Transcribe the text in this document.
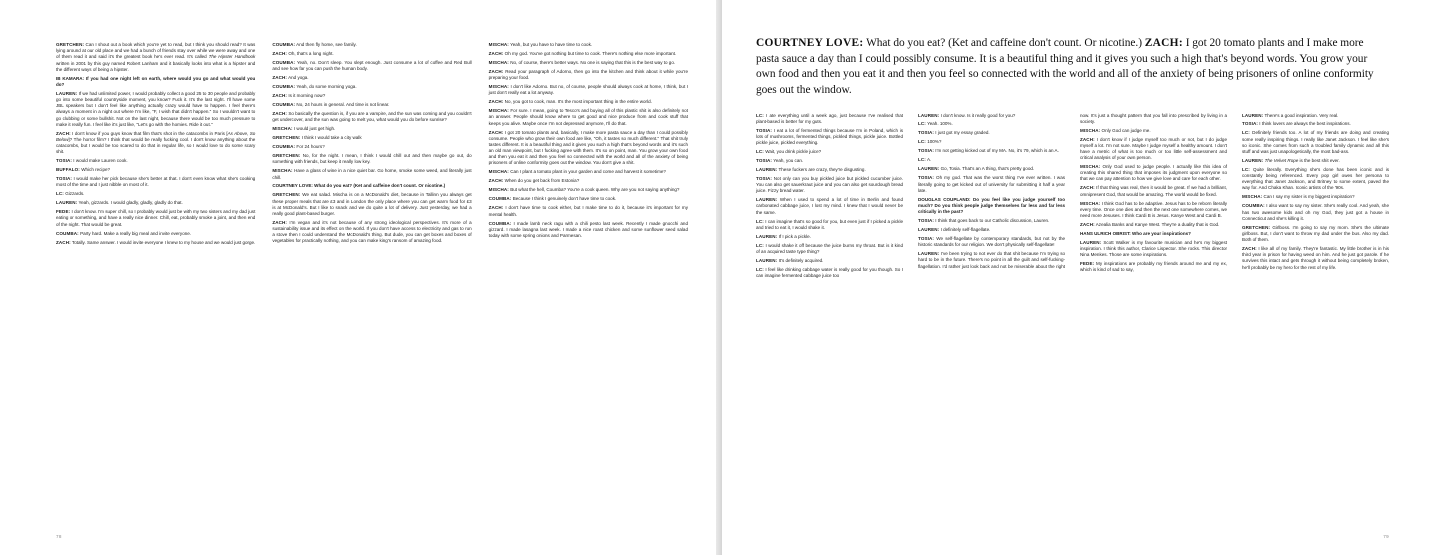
GRETCHEN: Can I shout out a book which you're yet to read, but I think you should read? It was lying around at our old place and we had a bunch of friends stay over while we were away and one of them read it and said it's the greatest book he's ever read. It's called The Hipster Handbook written in 2001 by this guy named Robert Lanham and it basically looks into what is a hipster and the different ways of being a hipster.

IB KAMARA: If you had one night left on earth, where would you go and what would you do?

LAUREN: If we had unlimited power, I would probably collect a good 25 to 30 people and probably go into some beautiful countryside moment, you know? Fuck it. It's the last night. I'll have some JBL speakers but I don't feel like anything actually crazy would have to happen. I feel there's always a moment in a night out where I'm like, "F, I wish that didn't happen." So I wouldn't want to go clubbing or some bullshit. Not on the last night, because there would be too much pressure to make it really fun. I feel like it's just like, "Let's go with the homies. Ride it out."

ZACH: I don't know if you guys know that film that's shot in the catacombs in Paris [As Above, So Below]? The horror film? I think that would be really fucking cool. I don't know anything about the catacombs, but I would be too scared to do that in regular life, so I would love to do some scary shit.

TOSIA: I would make Lauren cook.

BUFFALO: Which recipe?

TOSIA: I would make her pick because she's better at that. I don't even know what she's cooking most of the time and I just nibble on most of it.

LC: Gizzards.

LAUREN: Yeah, gizzards. I would gladly, gladly, gladly do that.

FEDE: I don't know. I'm super chill, so I probably would just be with my two sisters and my dad just eating or something, and have a really nice dinner. Chill, eat, probably smoke a joint, and then end of the night. That would be great.

COUMBA: Party hard. Make a really big meal and invite everyone.

ZACH: Totally. Same answer. I would invite everyone I knew to my house and we would just gorge.

COUMBA: And then fly home, see family.

ZACH: Oh, that's a long night.

COUMBA: Yeah, no. Don't sleep. You slept enough. Just consume a lot of coffee and Red Bull and see how far you can push the human body.

ZACH: And yoga.

COUMBA: Yeah, do some morning yoga.

ZACH: Is it morning now?

COUMBA: No, 24 hours in general. And time is not linear.

ZACH: So basically the question is, if you are a vampire, and the sun was coming and you couldn't get undercover, and the sun was going to melt you, what would you do before sunrise?

MISCHA: I would just get high.

GRETCHEN: I think I would take a city walk

COUMBA: For 24 hours?

GRETCHEN: No, for the night. I mean, I think I would chill out and then maybe go out, do something with friends, but keep it really low key.

MISCHA: Have a glass of wine in a nice quiet bar. Go home, smoke some weed, and literally just chill.

COURTNEY LOVE: What do you eat? (Ket and caffeine don't count. Or nicotine.)

GRETCHEN: We eat salad. Mischa is on a McDonald's diet, because in Tallinn you always get these proper meals that are £3 and in London the only place where you can get warm food for £3 is at McDonald's. But I like to snack and we do quite a lot of delivery. Just yesterday, we had a really good plant-based burger.

ZACH: I'm vegan and it's not because of any strong ideological perspectives. It's more of a sustainability issue and its effect on the world. If you don't have access to electricity and gas to run a stove then I could understand the McDonald's thing. But dude, you can get boxes and boxes of vegetables for practically nothing, and you can make king's ransom of amazing food.

MISCHA: Yeah, but you have to have time to cook.

ZACH: Oh my god. You've got nothing but time to cook. There's nothing else more important.

MISCHA: No, of course, there's better ways. No one is saying that this is the best way to go.

ZACH: Read your paragraph of Adorno, then go into the kitchen and think about it while you're preparing your food.

MISCHA: I don't like Adorno. But no, of course, people should always cook at home, I think, but I just don't really eat a lot anyway.

ZACH: No, you got to cook, man. It's the most important thing in the entire world.

MISCHA: For sure. I mean, going to Tesco's and buying all of this plastic shit is also definitely not an answer. People should know where to get good and nice produce from and cook stuff that keeps you alive. Maybe once I'm not depressed anymore, I'll do that.

ZACH: I got 20 tomato plants and, basically, I make more pasta sauce a day than I could possibly consume. People who grow their own food are like, "Oh, it tastes so much different." That shit truly tastes different. It is a beautiful thing and it gives you such a high that's beyond words and it's such an old man viewpoint, but I fucking agree with them. It's so on point, man. You grow your own food and then you eat it and then you feel so connected with the world and all of the anxiety of being prisoners of online conformity goes out the window. You don't give a shit.

MISCHA: Can I plant a tomato plant in your garden and come and harvest it sometime?

ZACH: When do you get back from Estonia?

MISCHA: But what the hell, Coumba? You're a cook queen. Why are you not saying anything?

COUMBA: Because I think I genuinely don't have time to cook.

ZACH: I don't have time to cook either, but I make time to do it, because it's important for my mental health.

COUMBA: I made lamb neck ragu with a chili pesto last week. Recently I made gnocchi and gizzard. I made lasagna last week. I made a nice roast chicken and some sunflower seed salad today with some spring onions and Parmesan.

78
COURTNEY LOVE: What do you eat? (Ket and caffeine don't count. Or nicotine.) ZACH: I got 20 tomato plants and I make more pasta sauce a day than I could possibly consume. It is a beautiful thing and it gives you such a high that's beyond words. You grow your own food and then you eat it and then you feel so connected with the world and all of the anxiety of being prisoners of online conformity goes out the window.

LC: I ate everything until a week ago, just because I've realised that plant-based is better for my guts.

TOSIA: I eat a lot of fermented things because I'm in Poland, which is lots of mushrooms, fermented things, pickled things, pickle juice. Bottled pickle juice, pickled everything.

LC: Wait, you drink pickle juice?

TOSIA: Yeah, you can.

LAUREN: These fuckers are crazy, they're disgusting.

TOSIA: Not only can you buy pickled juice but pickled cucumber juice. You can also get sauerkraut juice and you can also get sourdough bread juice. Fizzy bread water.

LAUREN: When I used to spend a lot of time in Berlin and found carbonated cabbage juice, I lost my mind. I knew that I would never be the same.

LC: I can imagine that's so good for you, but even just if I picked a pickle and tried to eat it, I would shake it.

LAUREN: If I pick a pickle.

LC: I would shake it off because the juice burns my throat. But is it kind of an acquired taste type thing?

LAUREN: It's definitely acquired.

LC: I feel like drinking cabbage water is really good for you though. So I can imagine fermented cabbage juice too

LAUREN: I don't know. Is it really good for you?

LC: Yeah. 100%.

TOSIA: I just got my essay graded.

LC: 100%?

TOSIA: I'm not getting kicked out of my MA. No, it's 79, which is an A.

LC: A.

LAUREN: Go, Tosia. That's an A thing, that's pretty good.

TOSIA: Oh my god. That was the worst thing I've ever written. I was literally going to get kicked out of university for submitting it half a year late.

DOUGLAS COUPLAND: Do you feel like you judge yourself too much? Do you think people judge themselves far less and far less critically in the past?

TOSIA: I think that goes back to our Catholic discussion, Lauren.

LAUREN: I definitely self-flagellate.

TOSIA: We self-flagellate by contemporary standards, but not by the historic standards for our religion. We don't physically self-flagellate!

LAUREN: I've been trying to not ever do that shit because I'm trying so hard to be in the future. There's no point in all the guilt and self-fucking-flagellation. I'd rather just look back and not be miserable about the right now. It's just a thought pattern that you fall into prescribed by living in a society.

MISCHA: Only God can judge me.

ZACH: I don't know if I judge myself too much or not, but I do judge myself a lot. I'm not sure. Maybe I judge myself a healthy amount. I don't have a metric of what is too much or too little self-assessment and critical analysis of your own person.

MISCHA: Only God used to judge people. I actually like this idea of creating this shared thing that imposes its judgment upon everyone so that we can pay attention to how we give love and care for each other.

ZACH: If that thing was real, then it would be great. If we had a brilliant, omnipresent God, that would be amazing. The world would be fixed.

MISCHA: I think God has to be adaptive. Jesus has to be reborn literally every time. Once one dies and then the next one somewhere comes, we need more Jesuses. I think Cardi B is Jesus. Kanye West and Cardi B.

ZACH: Azealia Banks and Kanye West. They're a duality that is God.

HANS ULRICH OBRIST: Who are your inspirations?

LAUREN: Scott Walker is my favourite musician and he's my biggest inspiration. I think this author, Clarice Lispector. She rocks. This director Nina Menkes. Those are some inspirations.

FEDE: My inspirations are probably my friends around me and my ex, which is kind of sad to say,

LAUREN: There's a good inspiration. Very real.

TOSIA: I think lovers are always the best inspirations.

LC: Definitely friends too. A lot of my friends are doing and creating some really inspiring things. I really like Janet Jackson. I feel like she's so iconic. She comes from such a troubled family dynamic and all this stuff and was just unapologetically, the most bad-ass.

LAUREN: The Velvet Rope is the best shit ever.

LC: Quite literally. Everything she's done has been iconic and is constantly being referenced. Every pop girl owes her persona to everything that Janet Jackson, and Britney to some extent, paved the way for. And Chaka Khan. Iconic artists of the '90s.

MISCHA: Can I say my sister is my biggest inspiration?

COUMBA: I also want to say my sister. She's really cool. And yeah, she has two awesome kids and oh my God, they just got a house in Connecticut and she's killing it.

GRETCHEN: Girlboss. I'm going to say my mom. She's the ultimate girlboss. But, I don't want to throw my dad under the bus. Also my dad. Both of them.

ZACH: I like all of my family. They're fantastic. My little brother is in his third year in prison for having weed on him. And he just got parole. If he survives this intact and gets through it without being completely broken, he'll probably be my hero for the rest of my life.

79
